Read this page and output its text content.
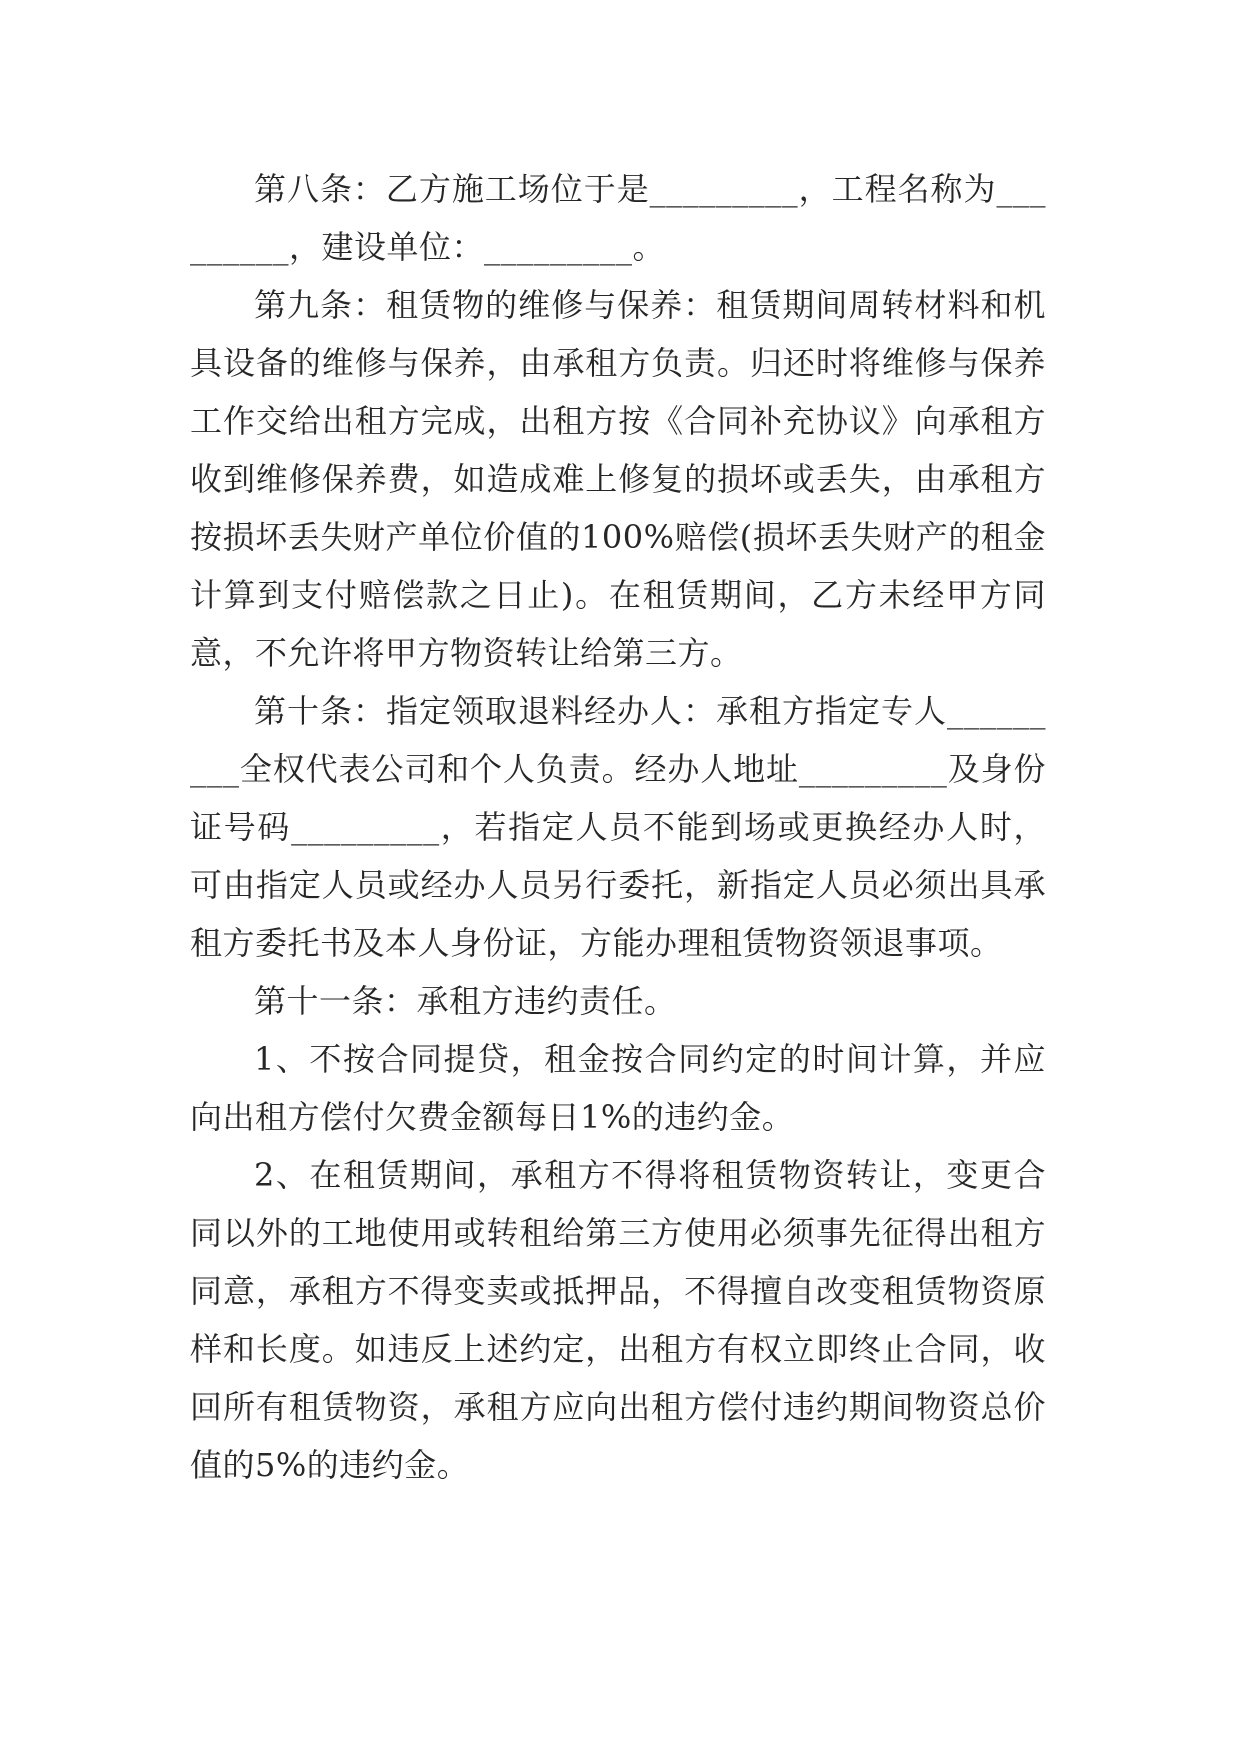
第八条：乙方施工场位于是_________，工程名称为_________，建设单位：_________。

第九条：租赁物的维修与保养：租赁期间周转材料和机具设备的维修与保养，由承租方负责。归还时将维修与保养工作交给出租方完成，出租方按《合同补充协议》向承租方收到维修保养费，如造成难上修复的损坏或丢失，由承租方按损坏丢失财产单位价值的100%赔偿(损坏丢失财产的租金计算到支付赔偿款之日止)。在租赁期间，乙方未经甲方同意，不允许将甲方物资转让给第三方。

第十条：指定领取退料经办人：承租方指定专人_________全权代表公司和个人负责。经办人地址_________及身份证号码_________，若指定人员不能到场或更换经办人时，可由指定人员或经办人员另行委托，新指定人员必须出具承租方委托书及本人身份证，方能办理租赁物资领退事项。

第十一条：承租方违约责任。

1、不按合同提贷，租金按合同约定的时间计算，并应向出租方偿付欠费金额每日1%的违约金。

2、在租赁期间，承租方不得将租赁物资转让，变更合同以外的工地使用或转租给第三方使用必须事先征得出租方同意，承租方不得变卖或抵押品，不得擅自改变租赁物资原样和长度。如违反上述约定，出租方有权立即终止合同，收回所有租赁物资，承租方应向出租方偿付违约期间物资总价值的5%的违约金。
